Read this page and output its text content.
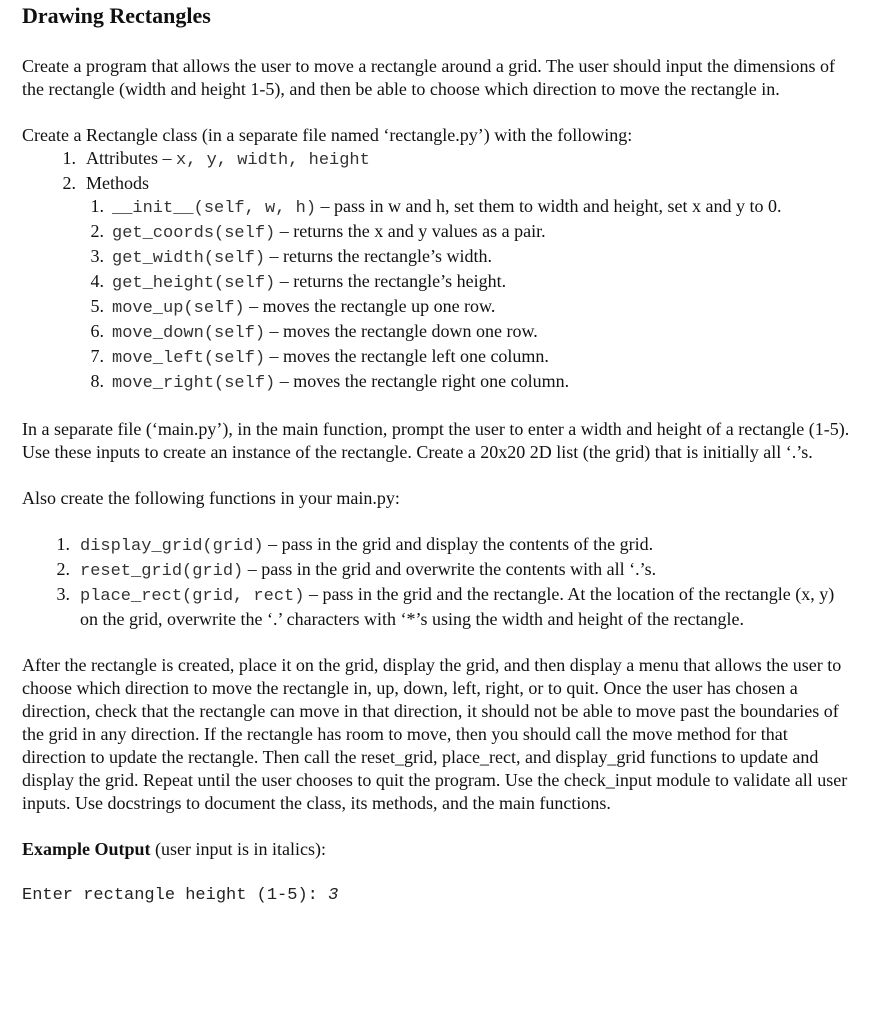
Drawing Rectangles

Create a program that allows the user to move a rectangle around a grid. The user should input the dimensions of the rectangle (width and height 1-5), and then be able to choose which direction to move the rectangle in.

Create a Rectangle class (in a separate file named ‘rectangle.py’) with the following:

1. Attributes – x, y, width, height
2. Methods
1. __init__(self, w, h) – pass in w and h, set them to width and height, set x and y to 0.
2. get_coords(self) – returns the x and y values as a pair.
3. get_width(self) – returns the rectangle’s width.
4. get_height(self) – returns the rectangle’s height.
5. move_up(self) – moves the rectangle up one row.
6. move_down(self) – moves the rectangle down one row.
7. move_left(self) – moves the rectangle left one column.
8. move_right(self) – moves the rectangle right one column.

In a separate file (‘main.py’), in the main function, prompt the user to enter a width and height of a rectangle (1-5). Use these inputs to create an instance of the rectangle. Create a 20x20 2D list (the grid) that is initially all ‘.’s.

Also create the following functions in your main.py:

1. display_grid(grid) – pass in the grid and display the contents of the grid.
2. reset_grid(grid) – pass in the grid and overwrite the contents with all ‘.’s.
3. place_rect(grid, rect) – pass in the grid and the rectangle. At the location of the rectangle (x, y) on the grid, overwrite the ‘.’ characters with ‘*’s using the width and height of the rectangle.

After the rectangle is created, place it on the grid, display the grid, and then display a menu that allows the user to choose which direction to move the rectangle in, up, down, left, right, or to quit. Once the user has chosen a direction, check that the rectangle can move in that direction, it should not be able to move past the boundaries of the grid in any direction. If the rectangle has room to move, then you should call the move method for that direction to update the rectangle. Then call the reset_grid, place_rect, and display_grid functions to update and display the grid. Repeat until the user chooses to quit the program. Use the check_input module to validate all user inputs. Use docstrings to document the class, its methods, and the main functions.

Example Output (user input is in italics):

Enter rectangle height (1-5): 3
